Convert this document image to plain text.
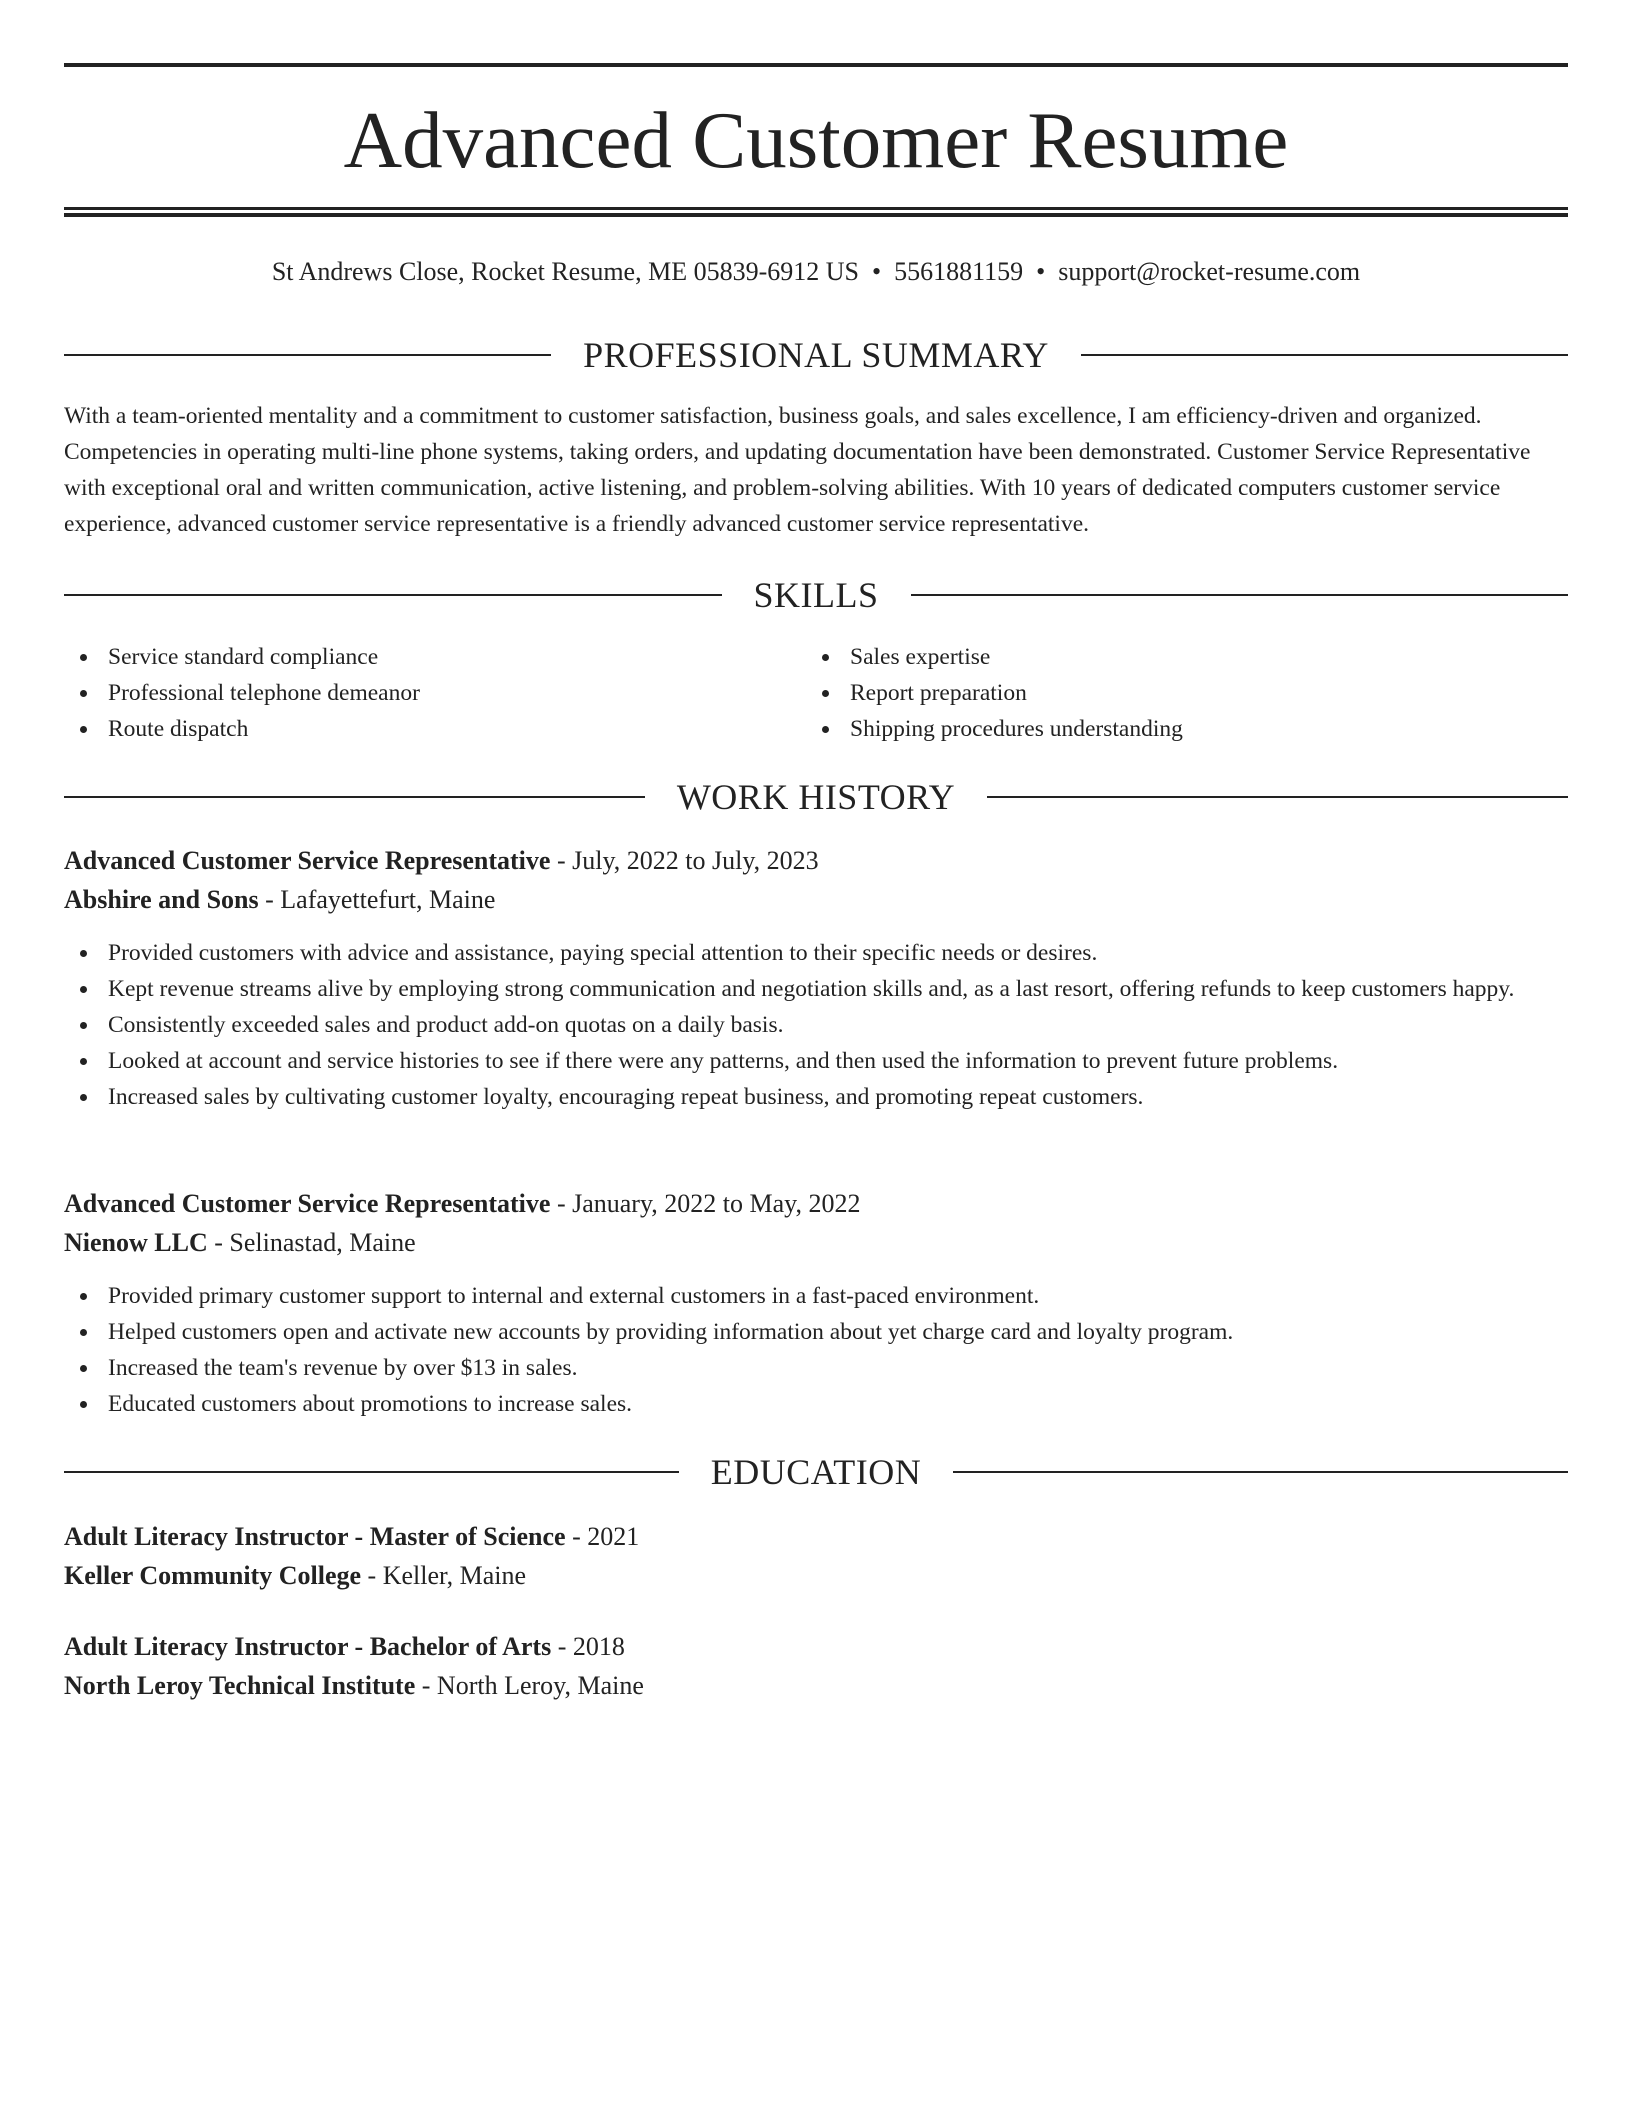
Advanced Customer Resume
St Andrews Close, Rocket Resume, ME 05839-6912 US • 5561881159 • support@rocket-resume.com
PROFESSIONAL SUMMARY
With a team-oriented mentality and a commitment to customer satisfaction, business goals, and sales excellence, I am efficiency-driven and organized. Competencies in operating multi-line phone systems, taking orders, and updating documentation have been demonstrated. Customer Service Representative with exceptional oral and written communication, active listening, and problem-solving abilities. With 10 years of dedicated computers customer service experience, advanced customer service representative is a friendly advanced customer service representative.
SKILLS
Service standard compliance
Professional telephone demeanor
Route dispatch
Sales expertise
Report preparation
Shipping procedures understanding
WORK HISTORY
Advanced Customer Service Representative - July, 2022 to July, 2023
Abshire and Sons - Lafayettefurt, Maine
Provided customers with advice and assistance, paying special attention to their specific needs or desires.
Kept revenue streams alive by employing strong communication and negotiation skills and, as a last resort, offering refunds to keep customers happy.
Consistently exceeded sales and product add-on quotas on a daily basis.
Looked at account and service histories to see if there were any patterns, and then used the information to prevent future problems.
Increased sales by cultivating customer loyalty, encouraging repeat business, and promoting repeat customers.
Advanced Customer Service Representative - January, 2022 to May, 2022
Nienow LLC - Selinastad, Maine
Provided primary customer support to internal and external customers in a fast-paced environment.
Helped customers open and activate new accounts by providing information about yet charge card and loyalty program.
Increased the team's revenue by over $13 in sales.
Educated customers about promotions to increase sales.
EDUCATION
Adult Literacy Instructor - Master of Science - 2021
Keller Community College - Keller, Maine
Adult Literacy Instructor - Bachelor of Arts - 2018
North Leroy Technical Institute - North Leroy, Maine
